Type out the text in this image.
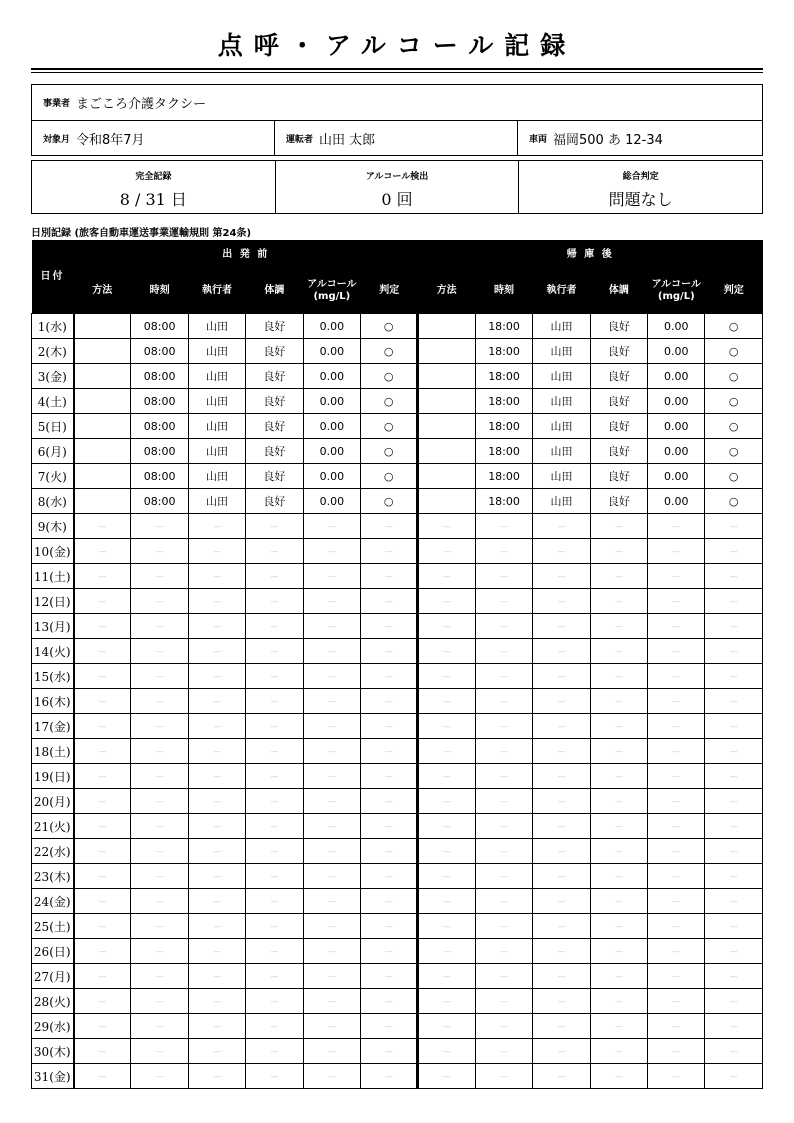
点呼・アルコール記録
事業者 まごころ介護タクシー
対象月 令和8年7月	運転者 山田 太郎	車両 福岡500 あ 12-34
完全記録
8 / 31 日
アルコール検出
0 回
総合判定
問題なし
日別記録 (旅客自動車運送事業運輸規則 第24条)
日付	出 発 前						帰 庫 後					
	方法	時刻	執行者	体調	アルコール(mg/L)	判定	方法	時刻	執行者	体調	アルコール(mg/L)	判定
1(水)		08:00	山田	良好	0.00	○		18:00	山田	良好	0.00	○
2(木)		08:00	山田	良好	0.00	○		18:00	山田	良好	0.00	○
3(金)		08:00	山田	良好	0.00	○		18:00	山田	良好	0.00	○
4(土)		08:00	山田	良好	0.00	○		18:00	山田	良好	0.00	○
5(日)		08:00	山田	良好	0.00	○		18:00	山田	良好	0.00	○
6(月)		08:00	山田	良好	0.00	○		18:00	山田	良好	0.00	○
7(火)		08:00	山田	良好	0.00	○		18:00	山田	良好	0.00	○
8(水)		08:00	山田	良好	0.00	○		18:00	山田	良好	0.00	○
9(木)	—	—	—	—	—	—	—	—	—	—	—	—
10(金)	—	—	—	—	—	—	—	—	—	—	—	—
11(土)	—	—	—	—	—	—	—	—	—	—	—	—
12(日)	—	—	—	—	—	—	—	—	—	—	—	—
13(月)	—	—	—	—	—	—	—	—	—	—	—	—
14(火)	—	—	—	—	—	—	—	—	—	—	—	—
15(水)	—	—	—	—	—	—	—	—	—	—	—	—
16(木)	—	—	—	—	—	—	—	—	—	—	—	—
17(金)	—	—	—	—	—	—	—	—	—	—	—	—
18(土)	—	—	—	—	—	—	—	—	—	—	—	—
19(日)	—	—	—	—	—	—	—	—	—	—	—	—
20(月)	—	—	—	—	—	—	—	—	—	—	—	—
21(火)	—	—	—	—	—	—	—	—	—	—	—	—
22(水)	—	—	—	—	—	—	—	—	—	—	—	—
23(木)	—	—	—	—	—	—	—	—	—	—	—	—
24(金)	—	—	—	—	—	—	—	—	—	—	—	—
25(土)	—	—	—	—	—	—	—	—	—	—	—	—
26(日)	—	—	—	—	—	—	—	—	—	—	—	—
27(月)	—	—	—	—	—	—	—	—	—	—	—	—
28(火)	—	—	—	—	—	—	—	—	—	—	—	—
29(水)	—	—	—	—	—	—	—	—	—	—	—	—
30(木)	—	—	—	—	—	—	—	—	—	—	—	—
31(金)	—	—	—	—	—	—	—	—	—	—	—	—
